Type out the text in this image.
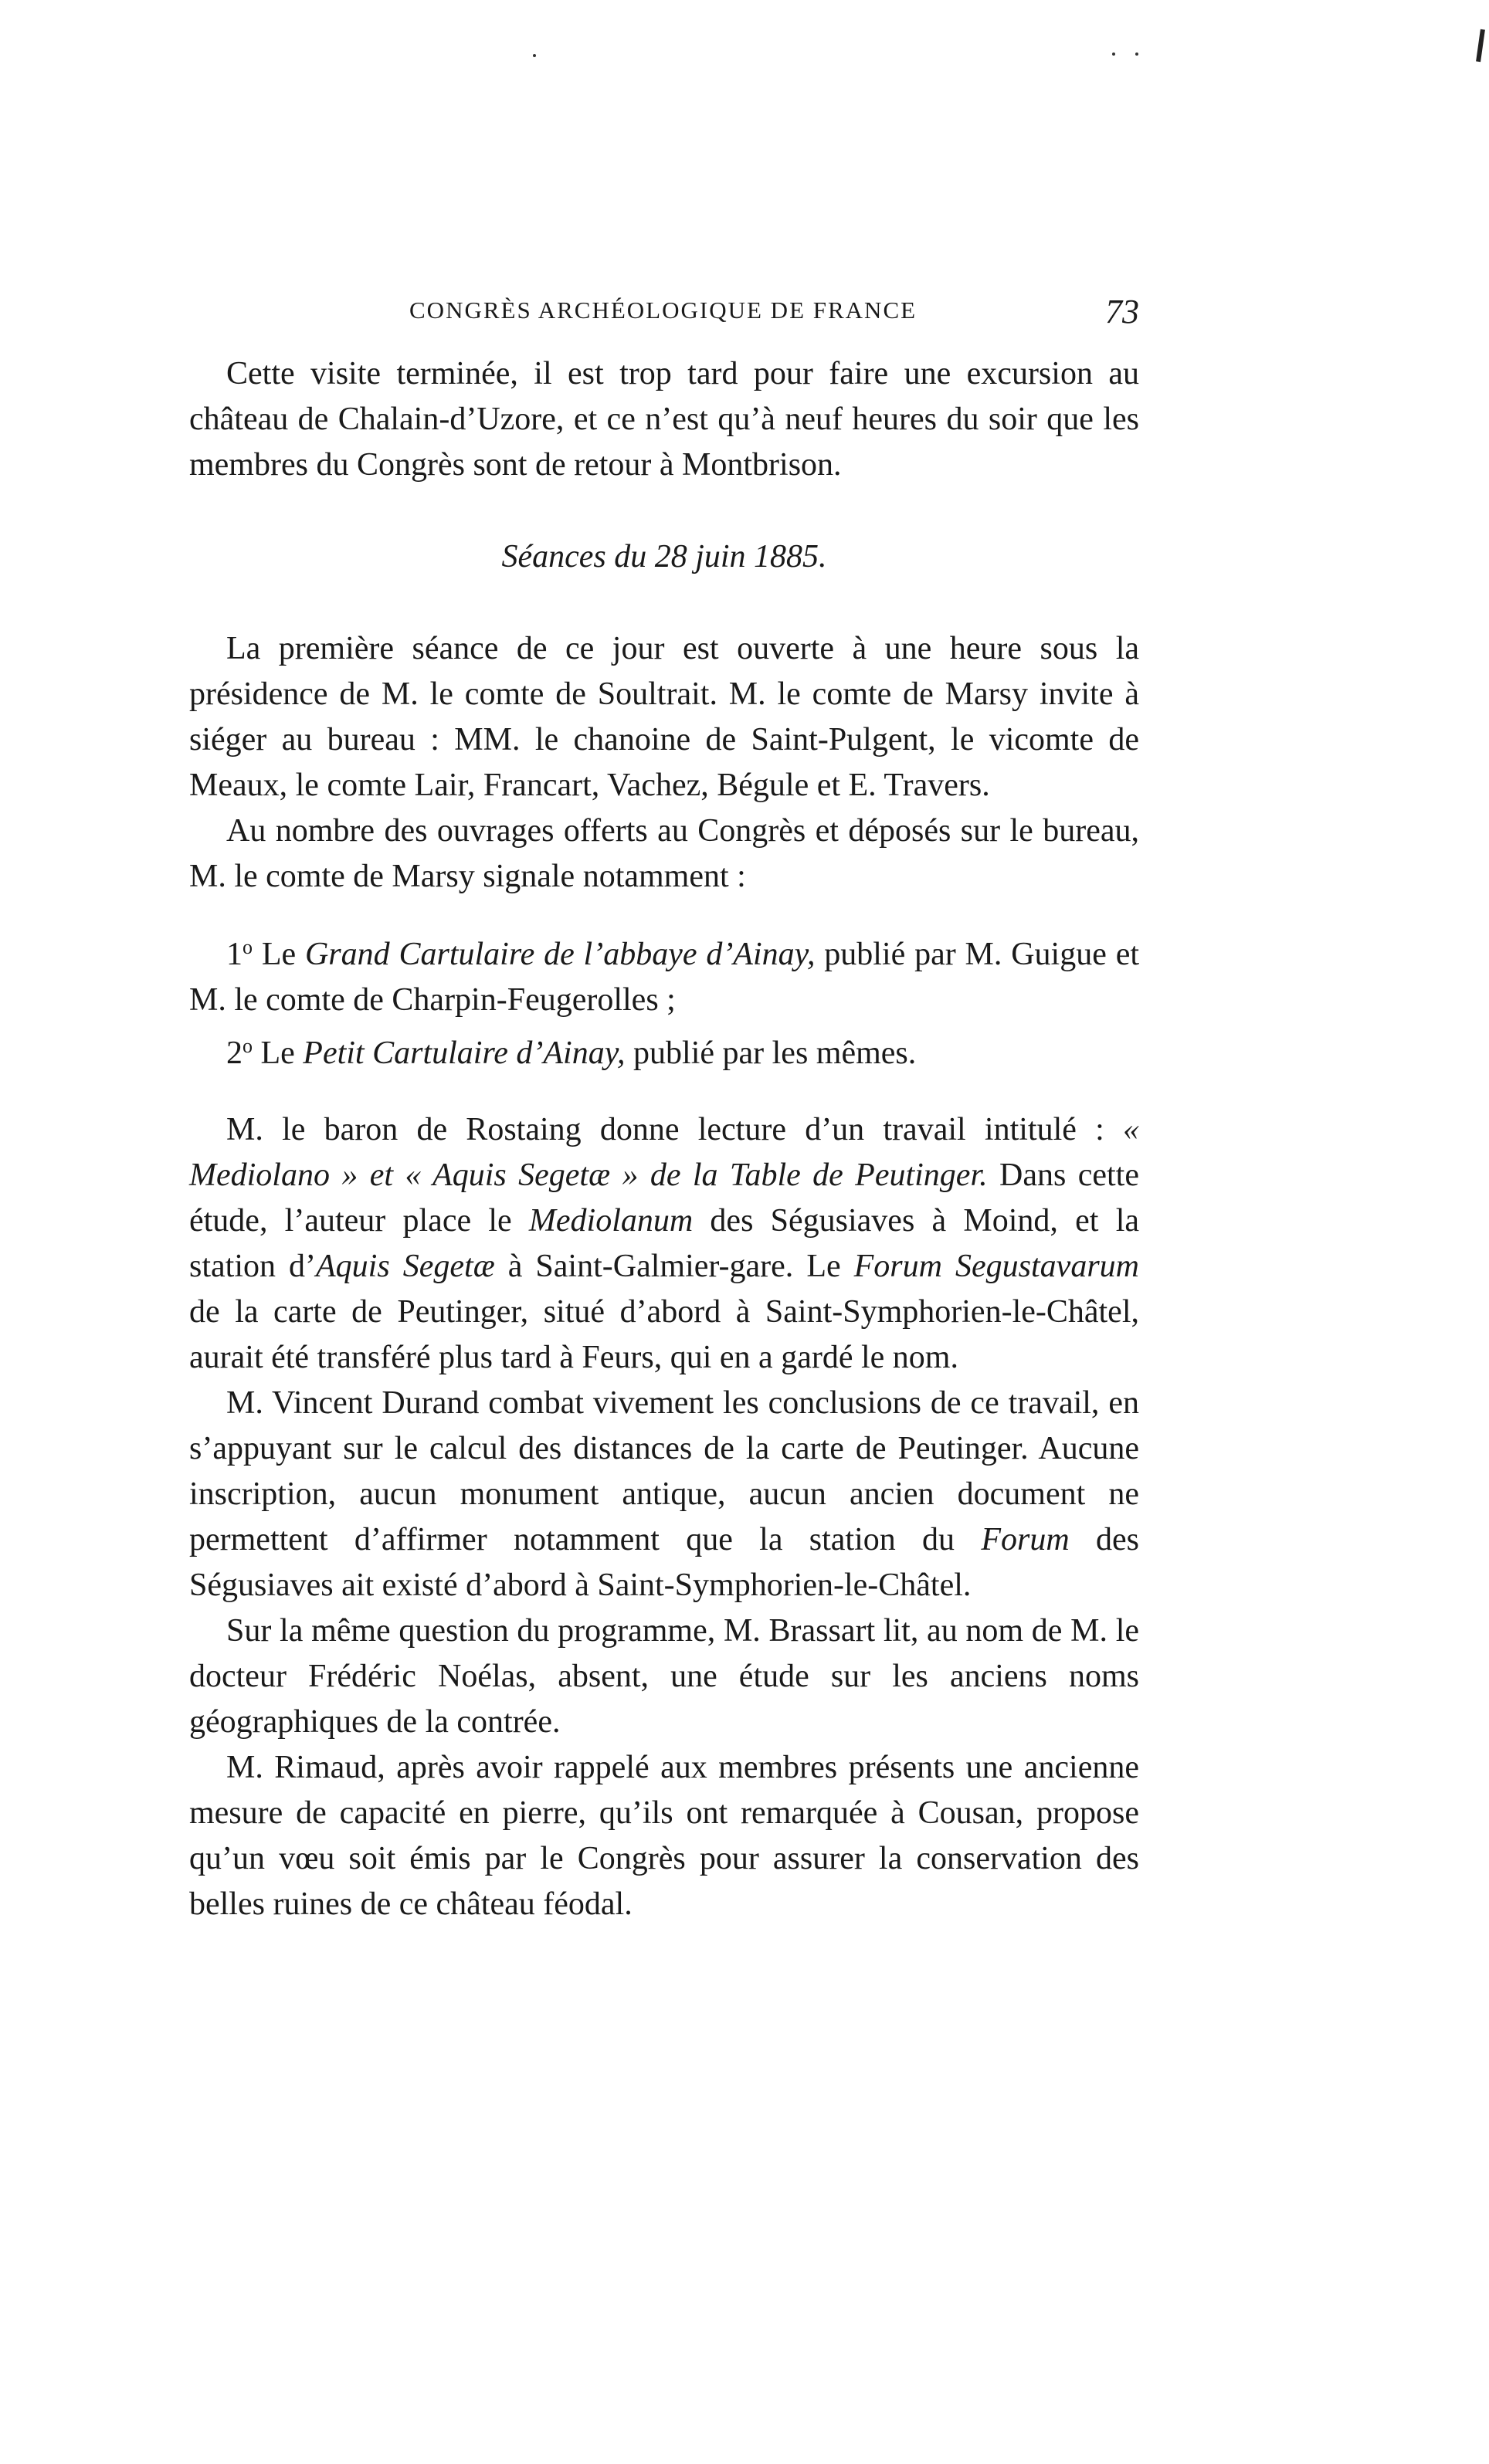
CONGRÈS ARCHÉOLOGIQUE DE FRANCE	73

Cette visite terminée, il est trop tard pour faire une excursion au château de Chalain-d’Uzore, et ce n’est qu’à neuf heures du soir que les membres du Congrès sont de retour à Montbrison.

Séances du 28 juin 1885.

La première séance de ce jour est ouverte à une heure sous la présidence de M. le comte de Soultrait. M. le comte de Marsy invite à siéger au bureau : MM. le chanoine de Saint-Pulgent, le vicomte de Meaux, le comte Lair, Francart, Vachez, Bégule et E. Travers.

Au nombre des ouvrages offerts au Congrès et déposés sur le bureau, M. le comte de Marsy signale notamment :

1$^o$ Le Grand Cartulaire de l’abbaye d’Ainay, publié par M. Guigue et M. le comte de Charpin-Feugerolles ;

2$^o$ Le Petit Cartulaire d’Ainay, publié par les mêmes.

M. le baron de Rostaing donne lecture d’un travail intitulé : « Mediolano » et « Aquis Segetæ » de la Table de Peutinger. Dans cette étude, l’auteur place le Mediolanum des Ségusiaves à Moind, et la station d’Aquis Segetæ à Saint-Galmier-gare. Le Forum Segustavarum de la carte de Peutinger, situé d’abord à Saint-Symphorien-le-Châtel, aurait été transféré plus tard à Feurs, qui en a gardé le nom.

M. Vincent Durand combat vivement les conclusions de ce travail, en s’appuyant sur le calcul des distances de la carte de Peutinger. Aucune inscription, aucun monument antique, aucun ancien document ne permettent d’affirmer notamment que la station du Forum des Ségusiaves ait existé d’abord à Saint-Symphorien-le-Châtel.

Sur la même question du programme, M. Brassart lit, au nom de M. le docteur Frédéric Noélas, absent, une étude sur les anciens noms géographiques de la contrée.

M. Rimaud, après avoir rappelé aux membres présents une ancienne mesure de capacité en pierre, qu’ils ont remarquée à Cousan, propose qu’un vœu soit émis par le Congrès pour assurer la conservation des belles ruines de ce château féodal.
